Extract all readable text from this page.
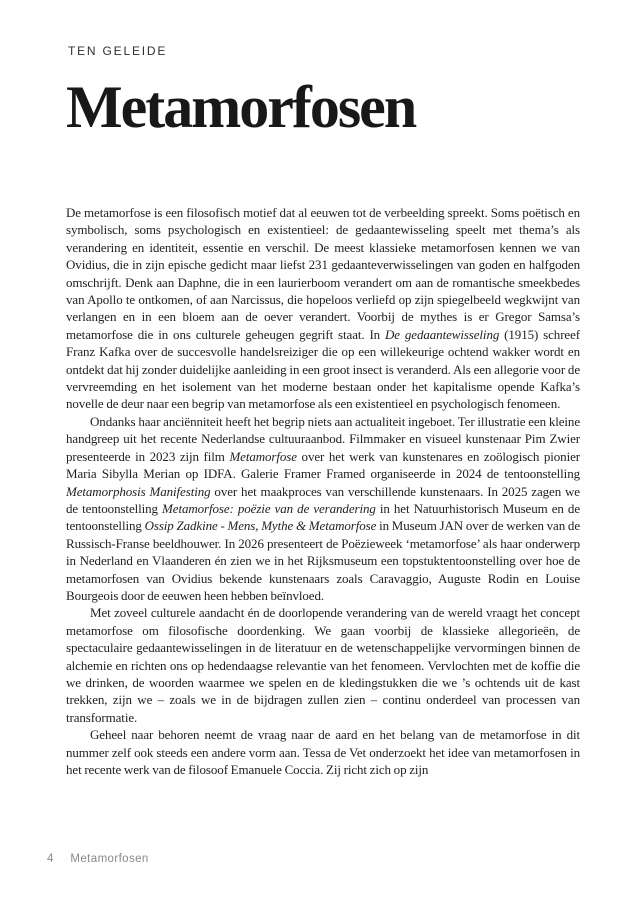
TEN GELEIDE
Metamorfosen

De metamorfose is een filosofisch motief dat al eeuwen tot de verbeelding spreekt. Soms poëtisch en symbolisch, soms psychologisch en existentieel: de gedaantewisseling speelt met thema’s als verandering en identiteit, essentie en verschil. De meest klassieke metamorfosen kennen we van Ovidius, die in zijn epische gedicht maar liefst 231 gedaanteverwisselingen van goden en halfgoden omschrijft. Denk aan Daphne, die in een laurierboom verandert om aan de romantische smeekbedes van Apollo te ontkomen, of aan Narcissus, die hopeloos verliefd op zijn spiegelbeeld wegkwijnt van verlangen en in een bloem aan de oever verandert. Voorbij de mythes is er Gregor Samsa’s metamorfose die in ons culturele geheugen gegrift staat. In De gedaantewisseling (1915) schreef Franz Kafka over de succesvolle handelsreiziger die op een willekeurige ochtend wakker wordt en ontdekt dat hij zonder duidelijke aanleiding in een groot insect is veranderd. Als een allegorie voor de vervreemding en het isolement van het moderne bestaan onder het kapitalisme opende Kafka’s novelle de deur naar een begrip van metamorfose als een existentieel en psychologisch fenomeen.

Ondanks haar anciënniteit heeft het begrip niets aan actualiteit ingeboet. Ter illustratie een kleine handgreep uit het recente Nederlandse cultuuraanbod. Filmmaker en visueel kunstenaar Pim Zwier presenteerde in 2023 zijn film Metamorfose over het werk van kunstenares en zoölogisch pionier Maria Sibylla Merian op IDFA. Galerie Framer Framed organiseerde in 2024 de tentoonstelling Metamorphosis Manifesting over het maakproces van verschillende kunstenaars. In 2025 zagen we de tentoonstelling Metamorfose: poëzie van de verandering in het Natuurhistorisch Museum en de tentoonstelling Ossip Zadkine - Mens, Mythe & Metamorfose in Museum JAN over de werken van de Russisch-Franse beeldhouwer. In 2026 presenteert de Poëzieweek ‘metamorfose’ als haar onderwerp in Nederland en Vlaanderen én zien we in het Rijksmuseum een topstuktentoonstelling over hoe de metamorfosen van Ovidius bekende kunstenaars zoals Caravaggio, Auguste Rodin en Louise Bourgeois door de eeuwen heen hebben beïnvloed.

Met zoveel culturele aandacht én de doorlopende verandering van de wereld vraagt het concept metamorfose om filosofische doordenking. We gaan voorbij de klassieke allegorieën, de spectaculaire gedaantewisselingen in de literatuur en de wetenschappelijke vervormingen binnen de alchemie en richten ons op hedendaagse relevantie van het fenomeen. Vervlochten met de koffie die we drinken, de woorden waarmee we spelen en de kledingstukken die we ’s ochtends uit de kast trekken, zijn we – zoals we in de bijdragen zullen zien – continu onderdeel van processen van transformatie.

Geheel naar behoren neemt de vraag naar de aard en het belang van de metamorfose in dit nummer zelf ook steeds een andere vorm aan. Tessa de Vet onderzoekt het idee van metamorfosen in het recente werk van de filosoof Emanuele Coccia. Zij richt zich op zijn

4 Metamorfosen
